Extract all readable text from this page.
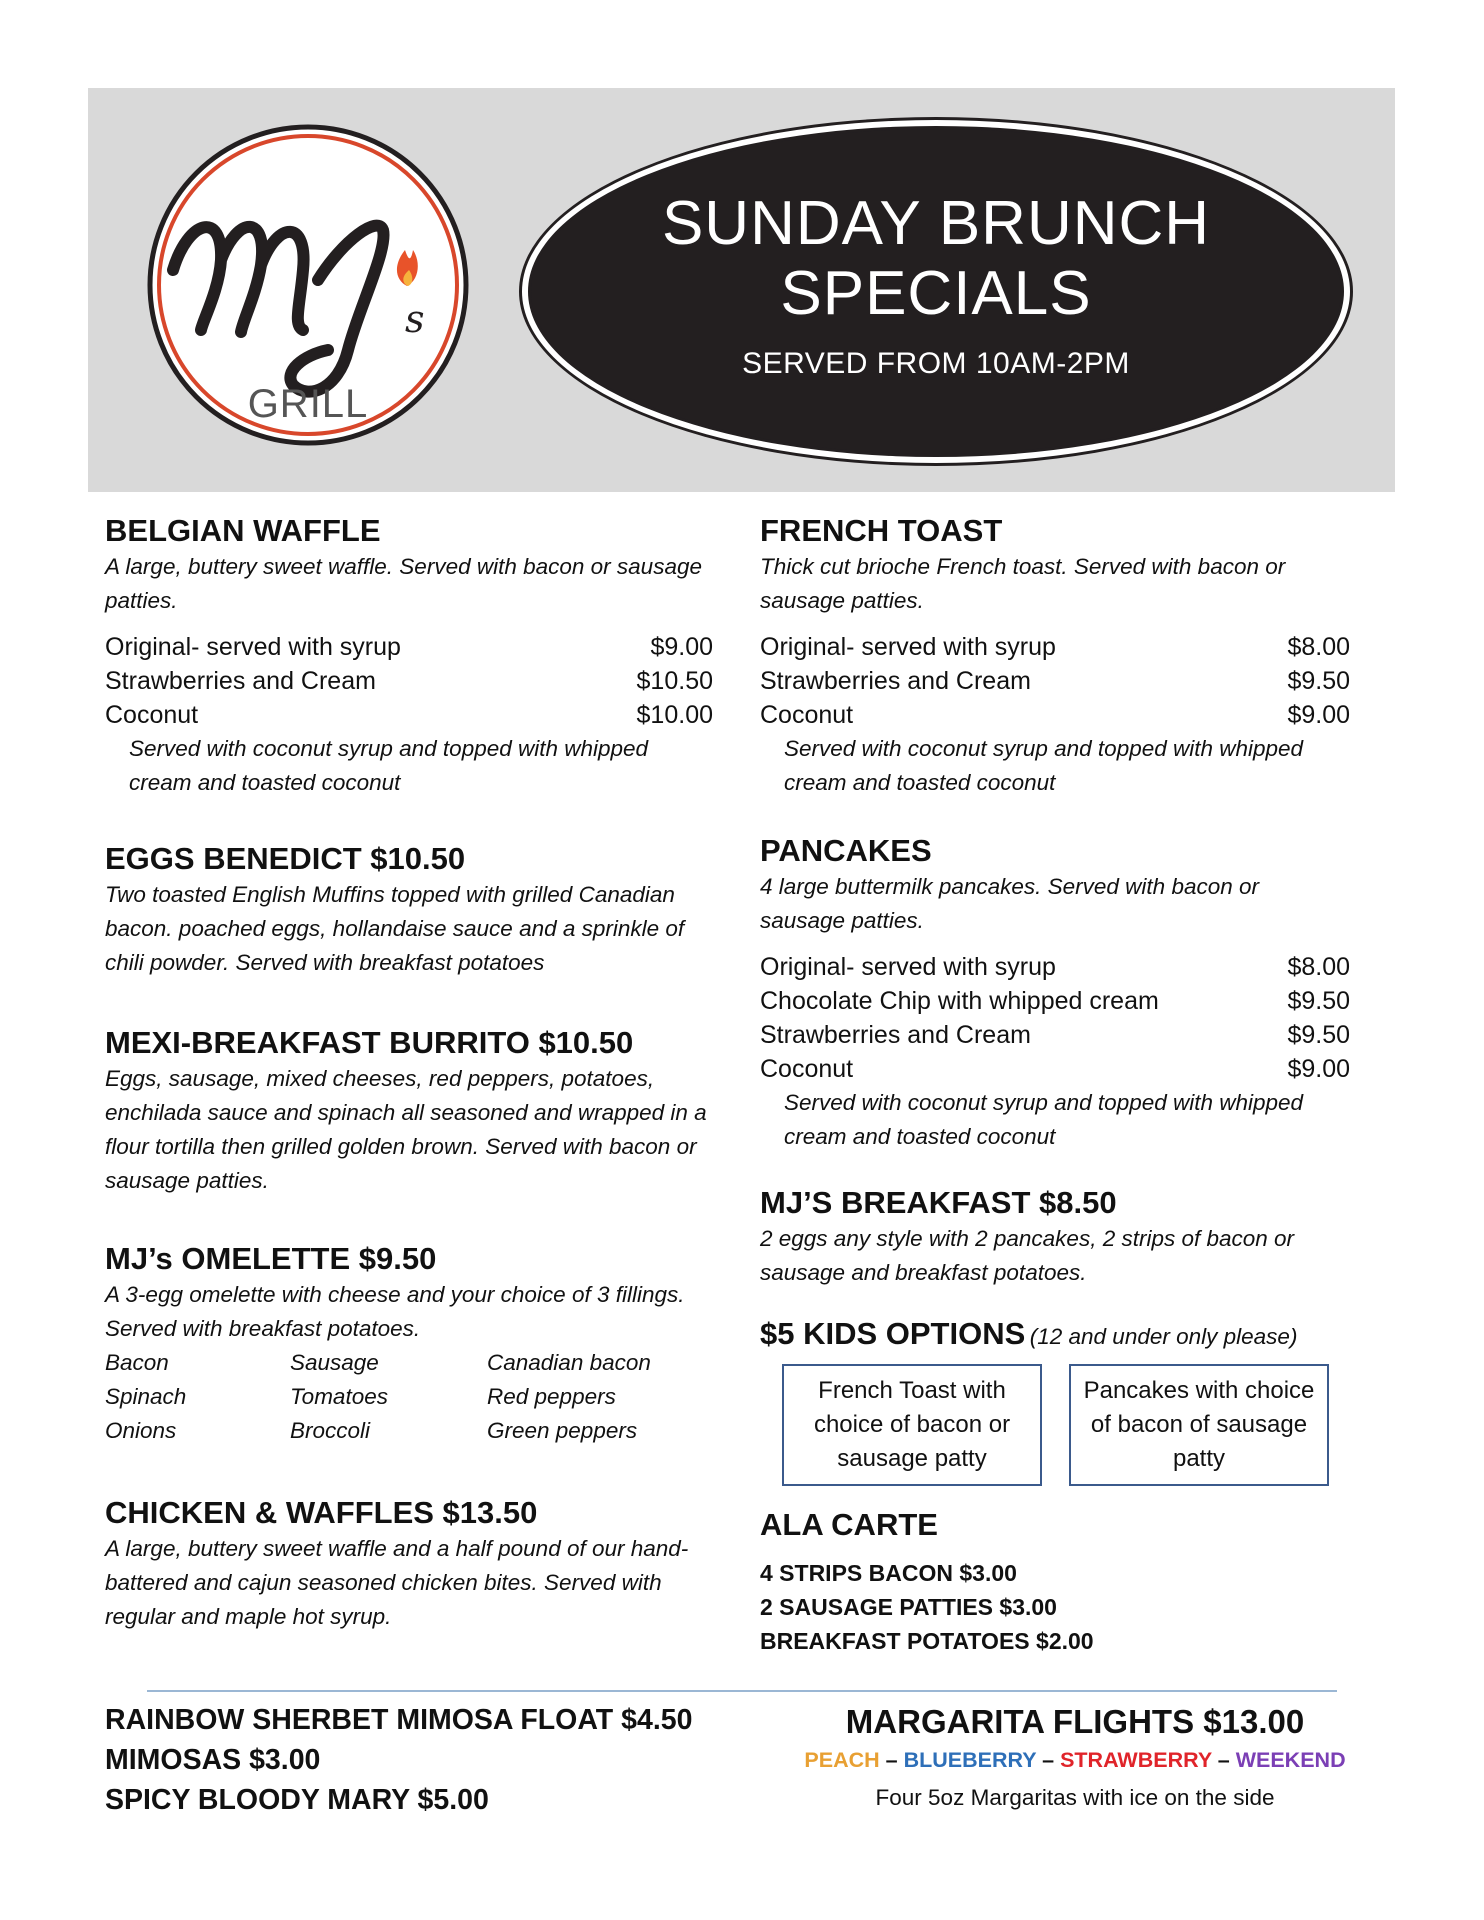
s
GRILL
SUNDAY BRUNCH
SPECIALS
SERVED FROM 10AM-2PM

BELGIAN WAFFLE

A large, buttery sweet waffle. Served with bacon or sausage patties.

Original- served with syrup	$9.00
Strawberries and Cream	$10.50
Coconut	$10.00
Served with coconut syrup and topped with whipped cream and toasted coconut

EGGS BENEDICT $10.50

Two toasted English Muffins topped with grilled Canadian bacon. poached eggs, hollandaise sauce and a sprinkle of chili powder. Served with breakfast potatoes

MEXI-BREAKFAST BURRITO $10.50

Eggs, sausage, mixed cheeses, red peppers, potatoes, enchilada sauce and spinach all seasoned and wrapped in a flour tortilla then grilled golden brown. Served with bacon or sausage patties.

MJ’s OMELETTE $9.50

A 3-egg omelette with cheese and your choice of 3 fillings. Served with breakfast potatoes.

Bacon	Sausage	Canadian bacon
Spinach	Tomatoes	Red peppers
Onions	Broccoli	Green peppers

CHICKEN & WAFFLES $13.50

A large, buttery sweet waffle and a half pound of our hand-battered and cajun seasoned chicken bites. Served with regular and maple hot syrup.

FRENCH TOAST

Thick cut brioche French toast. Served with bacon or sausage patties.

Original- served with syrup	$8.00
Strawberries and Cream	$9.50
Coconut	$9.00
Served with coconut syrup and topped with whipped cream and toasted coconut

PANCAKES

4 large buttermilk pancakes. Served with bacon or sausage patties.

Original- served with syrup	$8.00
Chocolate Chip with whipped cream	$9.50
Strawberries and Cream	$9.50
Coconut	$9.00
Served with coconut syrup and topped with whipped cream and toasted coconut

MJ’S BREAKFAST $8.50

2 eggs any style with 2 pancakes, 2 strips of bacon or sausage and breakfast potatoes.

$5 KIDS OPTIONS (12 and under only please)
French Toast with choice of bacon or sausage patty
Pancakes with choice of bacon of sausage patty

ALA CARTE

4 STRIPS BACON $3.00
2 SAUSAGE PATTIES $3.00
BREAKFAST POTATOES $2.00
RAINBOW SHERBET MIMOSA FLOAT $4.50
MIMOSAS $3.00
SPICY BLOODY MARY $5.00
MARGARITA FLIGHTS $13.00
PEACH – BLUEBERRY – STRAWBERRY – WEEKEND
Four 5oz Margaritas with ice on the side
